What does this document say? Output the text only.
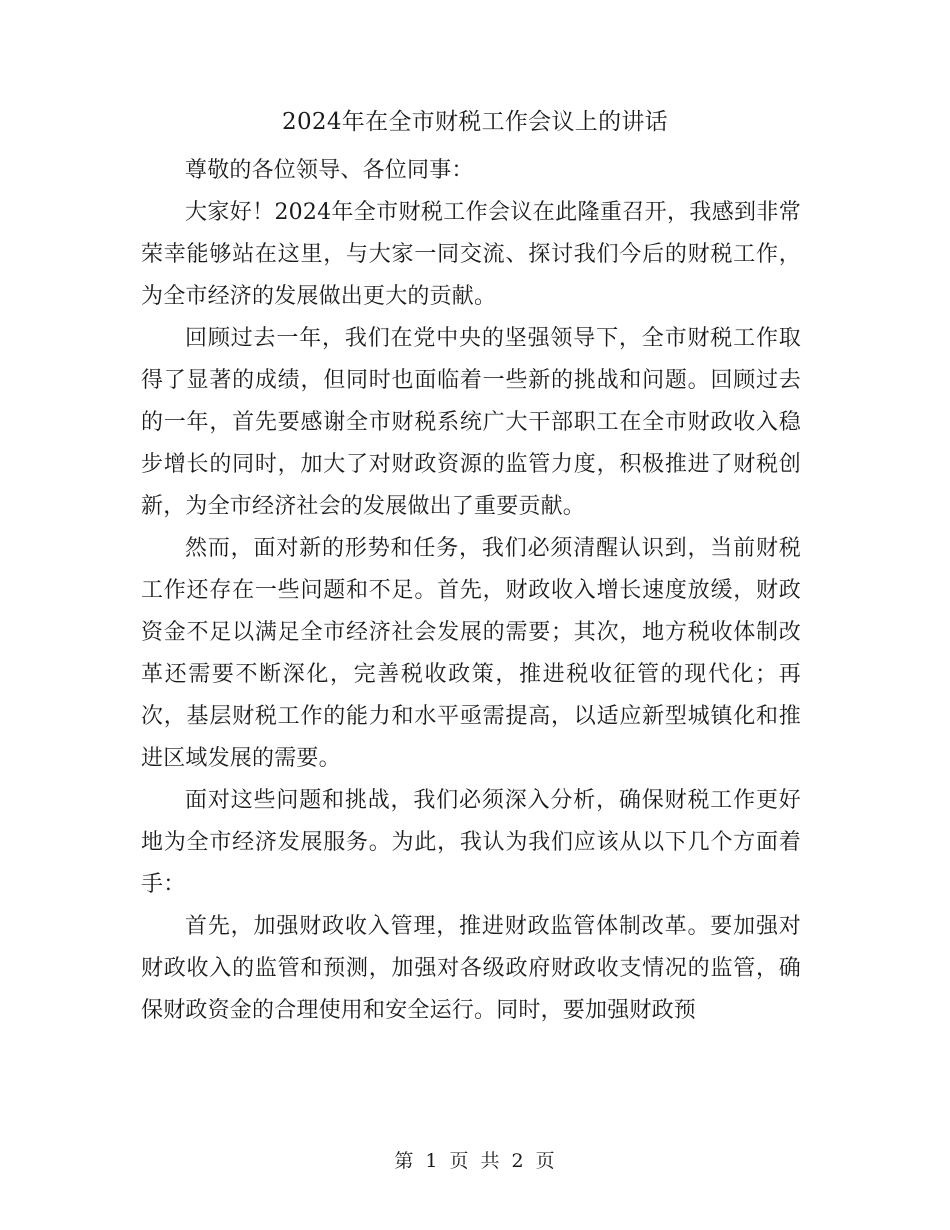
2024年在全市财税工作会议上的讲话

尊敬的各位领导、各位同事：

大家好！2024年全市财税工作会议在此隆重召开，我感到非常荣幸能够站在这里，与大家一同交流、探讨我们今后的财税工作，为全市经济的发展做出更大的贡献。

回顾过去一年，我们在党中央的坚强领导下，全市财税工作取得了显著的成绩，但同时也面临着一些新的挑战和问题。回顾过去的一年，首先要感谢全市财税系统广大干部职工在全市财政收入稳步增长的同时，加大了对财政资源的监管力度，积极推进了财税创新，为全市经济社会的发展做出了重要贡献。

然而，面对新的形势和任务，我们必须清醒认识到，当前财税工作还存在一些问题和不足。首先，财政收入增长速度放缓，财政资金不足以满足全市经济社会发展的需要；其次，地方税收体制改革还需要不断深化，完善税收政策，推进税收征管的现代化；再次，基层财税工作的能力和水平亟需提高，以适应新型城镇化和推进区域发展的需要。

面对这些问题和挑战，我们必须深入分析，确保财税工作更好地为全市经济发展服务。为此，我认为我们应该从以下几个方面着手：

首先，加强财政收入管理，推进财政监管体制改革。要加强对财政收入的监管和预测，加强对各级政府财政收支情况的监管，确保财政资金的合理使用和安全运行。同时，要加强财政预

第 1 页 共 2 页
